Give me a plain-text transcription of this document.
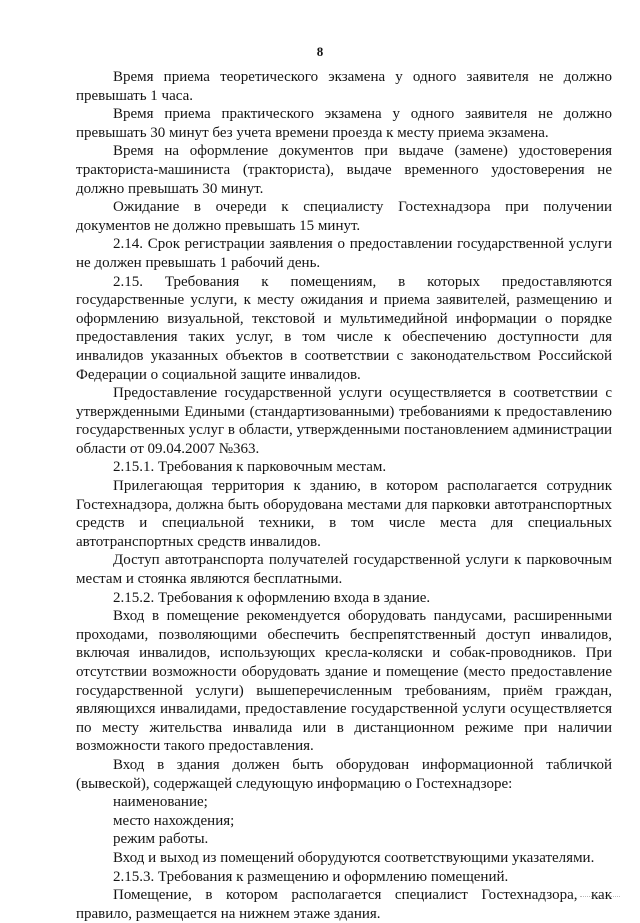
8

Время приема теоретического экзамена у одного заявителя не должно превышать 1 часа.

Время приема практического экзамена у одного заявителя не должно превышать 30 минут без учета времени проезда к месту приема экзамена.

Время на оформление документов при выдаче (замене) удостоверения тракториста-машиниста (тракториста), выдаче временного удостоверения не должно превышать 30 минут.

Ожидание в очереди к специалисту Гостехнадзора при получении документов не должно превышать 15 минут.

2.14. Срок регистрации заявления о предоставлении государственной услуги не должен превышать 1 рабочий день.

2.15. Требования к помещениям, в которых предоставляются государственные услуги, к месту ожидания и приема заявителей, размещению и оформлению визуальной, текстовой и мультимедийной информации о порядке предоставления таких услуг, в том числе к обеспечению доступности для инвалидов указанных объектов в соответствии с законодательством Российской Федерации о социальной защите инвалидов.

Предоставление государственной услуги осуществляется в соответствии с утвержденными Едиными (стандартизованными) требованиями к предоставлению государственных услуг в области, утвержденными постановлением администрации области от 09.04.2007 №363.

2.15.1. Требования к парковочным местам.

Прилегающая территория к зданию, в котором располагается сотрудник Гостехнадзора, должна быть оборудована местами для парковки автотранспортных средств и специальной техники, в том числе места для специальных автотранспортных средств инвалидов.

Доступ автотранспорта получателей государственной услуги к парковочным местам и стоянка являются бесплатными.

2.15.2. Требования к оформлению входа в здание.

Вход в помещение рекомендуется оборудовать пандусами, расширенными проходами, позволяющими обеспечить беспрепятственный доступ инвалидов, включая инвалидов, использующих кресла-коляски и собак-проводников. При отсутствии возможности оборудовать здание и помещение (место предоставление государственной услуги) вышеперечисленным требованиям, приём граждан, являющихся инвалидами, предоставление государственной услуги осуществляется по месту жительства инвалида или в дистанционном режиме при наличии возможности такого предоставления.

Вход в здания должен быть оборудован информационной табличкой (вывеской), содержащей следующую информацию о Гостехнадзоре:

наименование;

место нахождения;

режим работы.

Вход и выход из помещений оборудуются соответствующими указателями.

2.15.3. Требования к размещению и оформлению помещений.

Помещение, в котором располагается специалист Гостехнадзора, как правило, размещается на нижнем этаже здания.
